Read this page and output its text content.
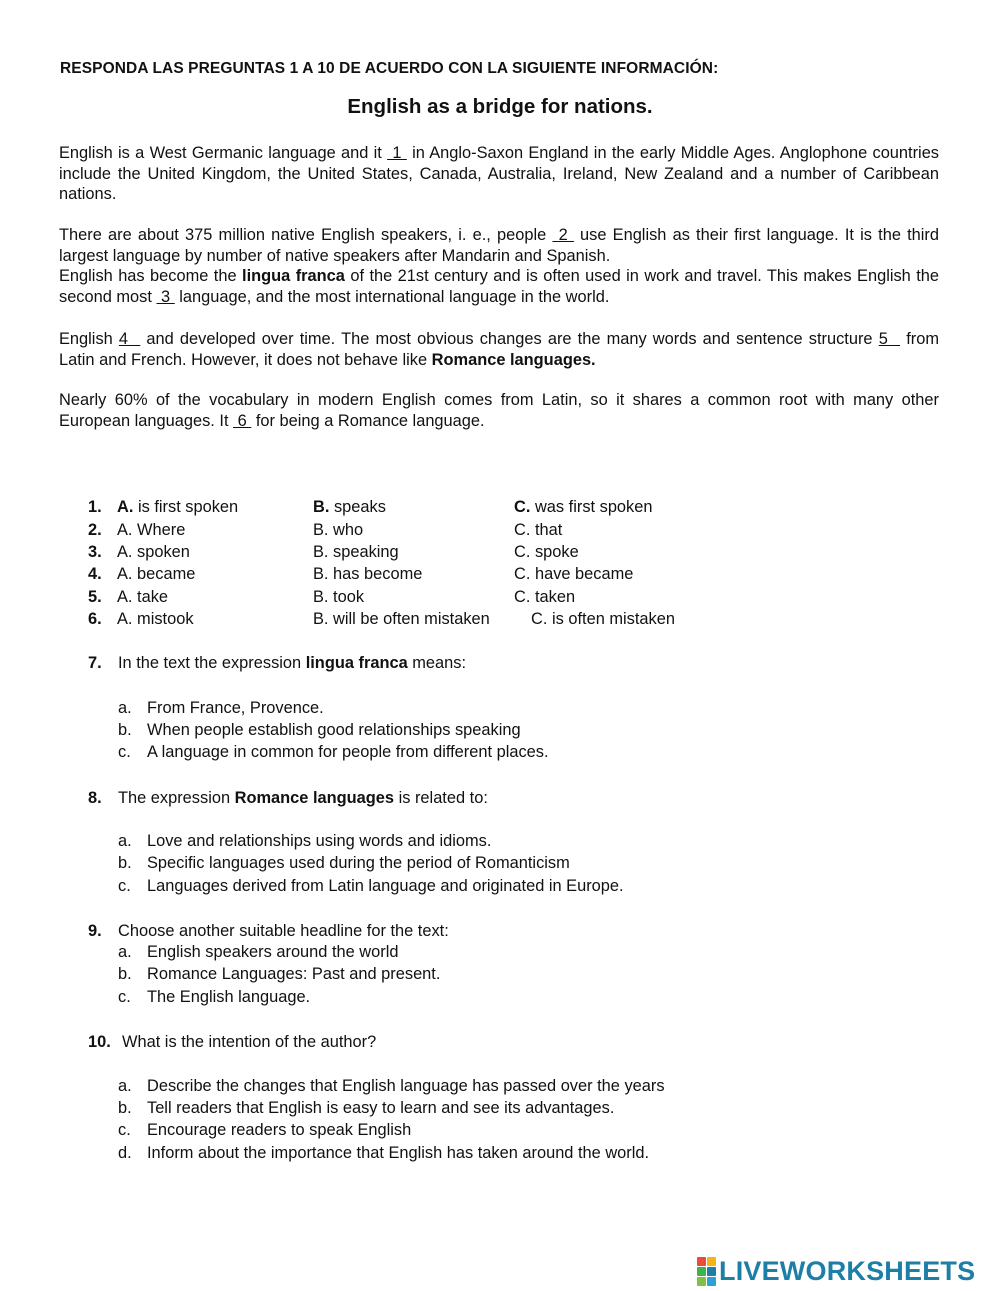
RESPONDA LAS PREGUNTAS 1 A 10 DE ACUERDO CON LA SIGUIENTE INFORMACIÓN:
English as a bridge for nations.
English is a West Germanic language and it  1  in Anglo-Saxon England in the early Middle Ages. Anglophone countries include the United Kingdom, the United States, Canada, Australia, Ireland, New Zealand and a number of Caribbean nations.
There are about 375 million native English speakers, i. e., people  2  use English as their first language. It is the third largest language by number of native speakers after Mandarin and Spanish.
English has become the lingua franca of the 21st century and is often used in work and travel. This makes English the second most  3  language, and the most international language in the world.
English 4   and developed over time. The most obvious changes are the many words and sentence structure 5   from Latin and French. However, it does not behave like Romance languages.
Nearly 60% of the vocabulary in modern English comes from Latin, so it shares a common root with many other European languages. It  6  for being a Romance language.
1. A. is first spoken	B. speaks	C. was first spoken
2. A. Where	B. who	C. that
3. A. spoken	B. speaking	C. spoke
4. A. became	B. has become	C. have became
5. A. take	B. took	C. taken
6. A. mistook	B. will be often mistaken	C. is often mistaken
7. In the text the expression lingua franca means:
a. From France, Provence.
b. When people establish good relationships speaking
c. A language in common for people from different places.
8. The expression Romance languages is related to:
a. Love and relationships using words and idioms.
b. Specific languages used during the period of Romanticism
c. Languages derived from Latin language and originated in Europe.
9. Choose another suitable headline for the text:
a. English speakers around the world
b. Romance Languages: Past and present.
c. The English language.
10. What is the intention of the author?
a. Describe the changes that English language has passed over the years
b. Tell readers that English is easy to learn and see its advantages.
c. Encourage readers to speak English
d. Inform about the importance that English has taken around the world.
LIVEWORKSHEETS
